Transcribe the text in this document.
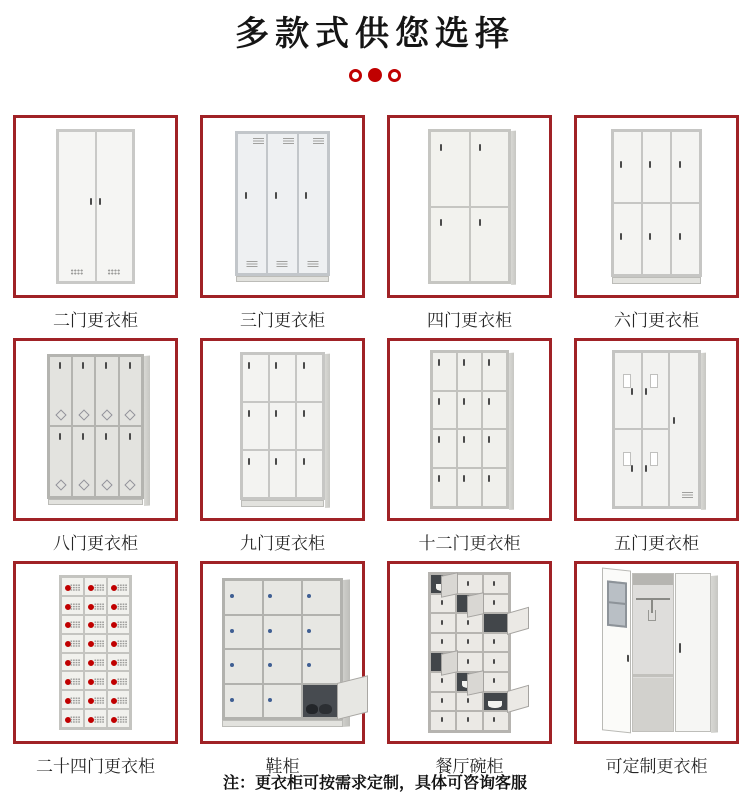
多款式供您选择
二门更衣柜	三门更衣柜	四门更衣柜	六门更衣柜
八门更衣柜	九门更衣柜	十二门更衣柜	五门更衣柜
二十四门更衣柜	鞋柜	餐厅碗柜	可定制更衣柜
注：更衣柜可按需求定制，具体可咨询客服
